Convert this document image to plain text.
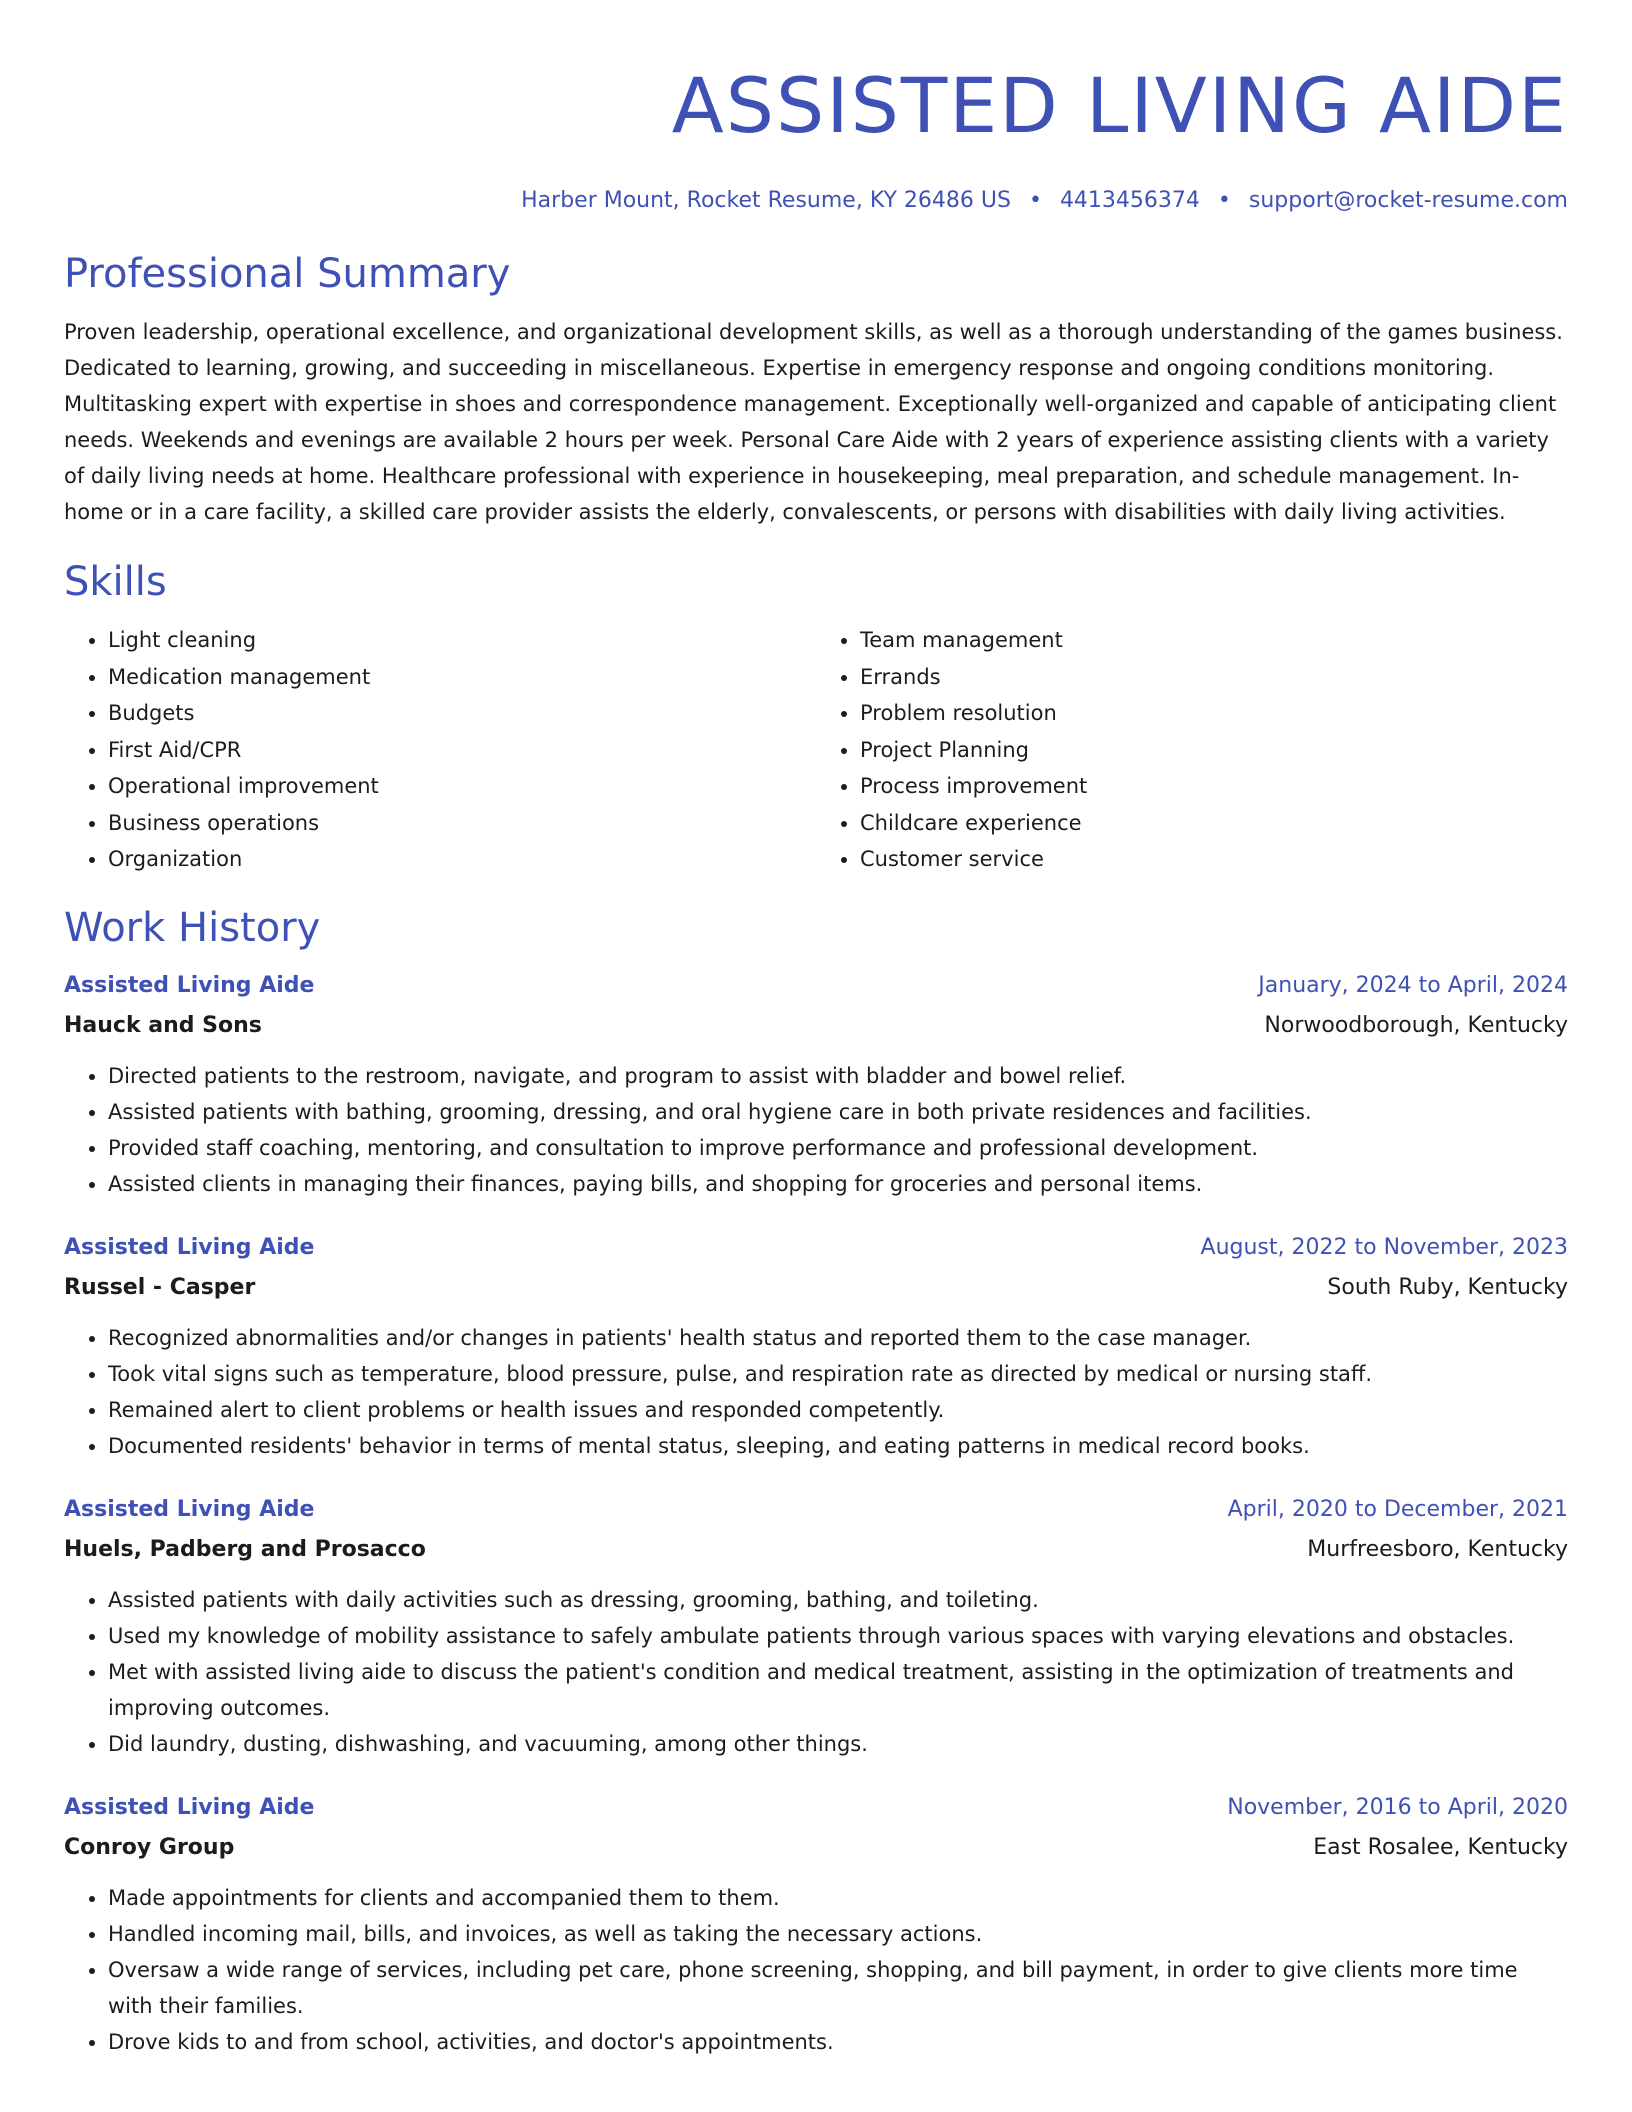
ASSISTED LIVING AIDE
Harber Mount, Rocket Resume, KY 26486 US • 4413456374 • support@rocket-resume.com
Professional Summary

Proven leadership, operational excellence, and organizational development skills, as well as a thorough understanding of the games business. Dedicated to learning, growing, and succeeding in miscellaneous. Expertise in emergency response and ongoing conditions monitoring. Multitasking expert with expertise in shoes and correspondence management. Exceptionally well-organized and capable of anticipating client needs. Weekends and evenings are available 2 hours per week. Personal Care Aide with 2 years of experience assisting clients with a variety of daily living needs at home. Healthcare professional with experience in housekeeping, meal preparation, and schedule management. In-home or in a care facility, a skilled care provider assists the elderly, convalescents, or persons with disabilities with daily living activities.

Skills
• Light cleaning
• Medication management
• Budgets
• First Aid/CPR
• Operational improvement
• Business operations
• Organization
• Team management
• Errands
• Problem resolution
• Project Planning
• Process improvement
• Childcare experience
• Customer service
Work History
Assisted Living Aide	January, 2024 to April, 2024
Hauck and Sons	Norwoodborough, Kentucky
• Directed patients to the restroom, navigate, and program to assist with bladder and bowel relief.
• Assisted patients with bathing, grooming, dressing, and oral hygiene care in both private residences and facilities.
• Provided staff coaching, mentoring, and consultation to improve performance and professional development.
• Assisted clients in managing their finances, paying bills, and shopping for groceries and personal items.
Assisted Living Aide	August, 2022 to November, 2023
Russel - Casper	South Ruby, Kentucky
• Recognized abnormalities and/or changes in patients' health status and reported them to the case manager.
• Took vital signs such as temperature, blood pressure, pulse, and respiration rate as directed by medical or nursing staff.
• Remained alert to client problems or health issues and responded competently.
• Documented residents' behavior in terms of mental status, sleeping, and eating patterns in medical record books.
Assisted Living Aide	April, 2020 to December, 2021
Huels, Padberg and Prosacco	Murfreesboro, Kentucky
• Assisted patients with daily activities such as dressing, grooming, bathing, and toileting.
• Used my knowledge of mobility assistance to safely ambulate patients through various spaces with varying elevations and obstacles.
• Met with assisted living aide to discuss the patient's condition and medical treatment, assisting in the optimization of treatments and improving outcomes.
• Did laundry, dusting, dishwashing, and vacuuming, among other things.
Assisted Living Aide	November, 2016 to April, 2020
Conroy Group	East Rosalee, Kentucky
• Made appointments for clients and accompanied them to them.
• Handled incoming mail, bills, and invoices, as well as taking the necessary actions.
• Oversaw a wide range of services, including pet care, phone screening, shopping, and bill payment, in order to give clients more time with their families.
• Drove kids to and from school, activities, and doctor's appointments.
